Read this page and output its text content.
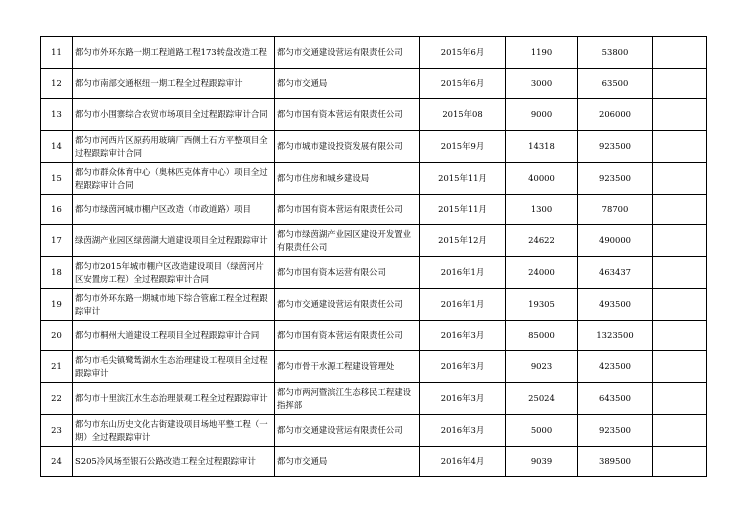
11	都匀市外环东路一期工程道路工程173转盘改造工程	都匀市交通建设营运有限责任公司	2015年6月	1190	53800	
12	都匀市南部交通枢纽一期工程全过程跟踪审计	都匀市交通局	2015年6月	3000	63500	
13	都匀市小围寨综合农贸市场项目全过程跟踪审计合同	都匀市国有资本营运有限责任公司	2015年08	9000	206000	
14	都匀市河西片区原药用玻璃厂西侧土石方平整项目全过程跟踪审计合同	都匀市城市建设投资发展有限公司	2015年9月	14318	923500	
15	都匀市群众体育中心（奥林匹克体育中心）项目全过程跟踪审计合同	都匀市住房和城乡建设局	2015年11月	40000	923500	
16	都匀市绿茵河城市棚户区改造（市政道路）项目	都匀市国有资本营运有限责任公司	2015年11月	1300	78700	
17	绿茵湖产业园区绿茵湖大道建设项目全过程跟踪审计	都匀市绿茵湖产业园区建设开发置业有限责任公司	2015年12月	24622	490000	
18	都匀市2015年城市棚户区改造建设项目（绿茵河片区安置房工程）全过程跟踪审计合同	都匀市国有资本运营有限公司	2016年1月	24000	463437	
19	都匀市外环东路一期城市地下综合管廊工程全过程跟踪审计	都匀市交通建设营运有限责任公司	2016年1月	19305	493500	
20	都匀市桐州大道建设工程项目全过程跟踪审计合同	都匀市国有资本营运有限责任公司	2016年3月	85000	1323500	
21	都匀市毛尖镇鹭鸶湖水生态治理建设工程项目全过程跟踪审计	都匀市骨干水源工程建设管理处	2016年3月	9023	423500	
22	都匀市十里滨江水生态治理景观工程全过程跟踪审计	都匀市两河暨滨江生态移民工程建设指挥部	2016年3月	25024	643500	
23	都匀市东山历史文化古街建设项目场地平整工程（一期）全过程跟踪审计	都匀市交通建设营运有限责任公司	2016年3月	5000	923500	
24	S205冷风场至银石公路改造工程全过程跟踪审计	都匀市交通局	2016年4月	9039	389500	
